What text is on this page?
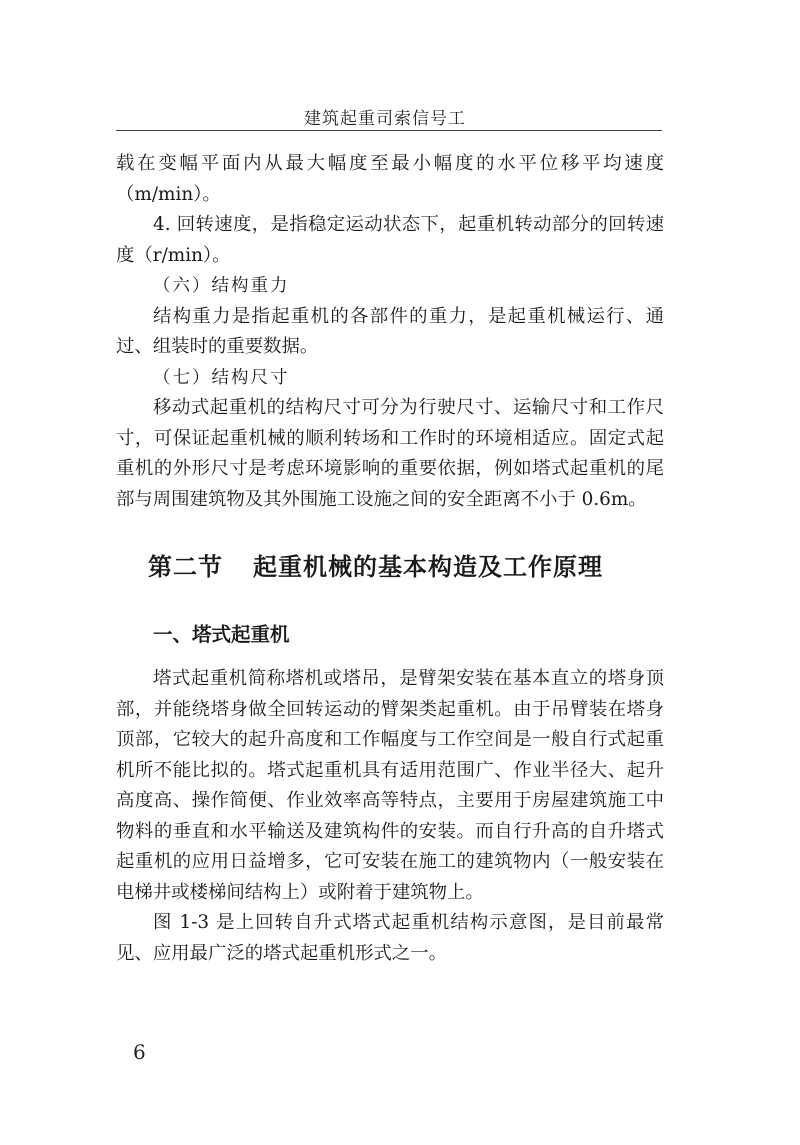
建筑起重司索信号工

载在变幅平面内从最大幅度至最小幅度的水平位移平均速度（m/min）。

4. 回转速度，是指稳定运动状态下，起重机转动部分的回转速度（r/min）。

（六）结构重力

结构重力是指起重机的各部件的重力，是起重机械运行、通过、组装时的重要数据。

（七）结构尺寸

移动式起重机的结构尺寸可分为行驶尺寸、运输尺寸和工作尺寸，可保证起重机械的顺利转场和工作时的环境相适应。固定式起重机的外形尺寸是考虑环境影响的重要依据，例如塔式起重机的尾部与周围建筑物及其外围施工设施之间的安全距离不小于 0.6m。

第二节 起重机械的基本构造及工作原理
一、塔式起重机

塔式起重机简称塔机或塔吊，是臂架安装在基本直立的塔身顶部，并能绕塔身做全回转运动的臂架类起重机。由于吊臂装在塔身顶部，它较大的起升高度和工作幅度与工作空间是一般自行式起重机所不能比拟的。塔式起重机具有适用范围广、作业半径大、起升高度高、操作简便、作业效率高等特点，主要用于房屋建筑施工中物料的垂直和水平输送及建筑构件的安装。而自行升高的自升塔式起重机的应用日益增多，它可安装在施工的建筑物内（一般安装在电梯井或楼梯间结构上）或附着于建筑物上。

图 1-3 是上回转自升式塔式起重机结构示意图，是目前最常见、应用最广泛的塔式起重机形式之一。

6
